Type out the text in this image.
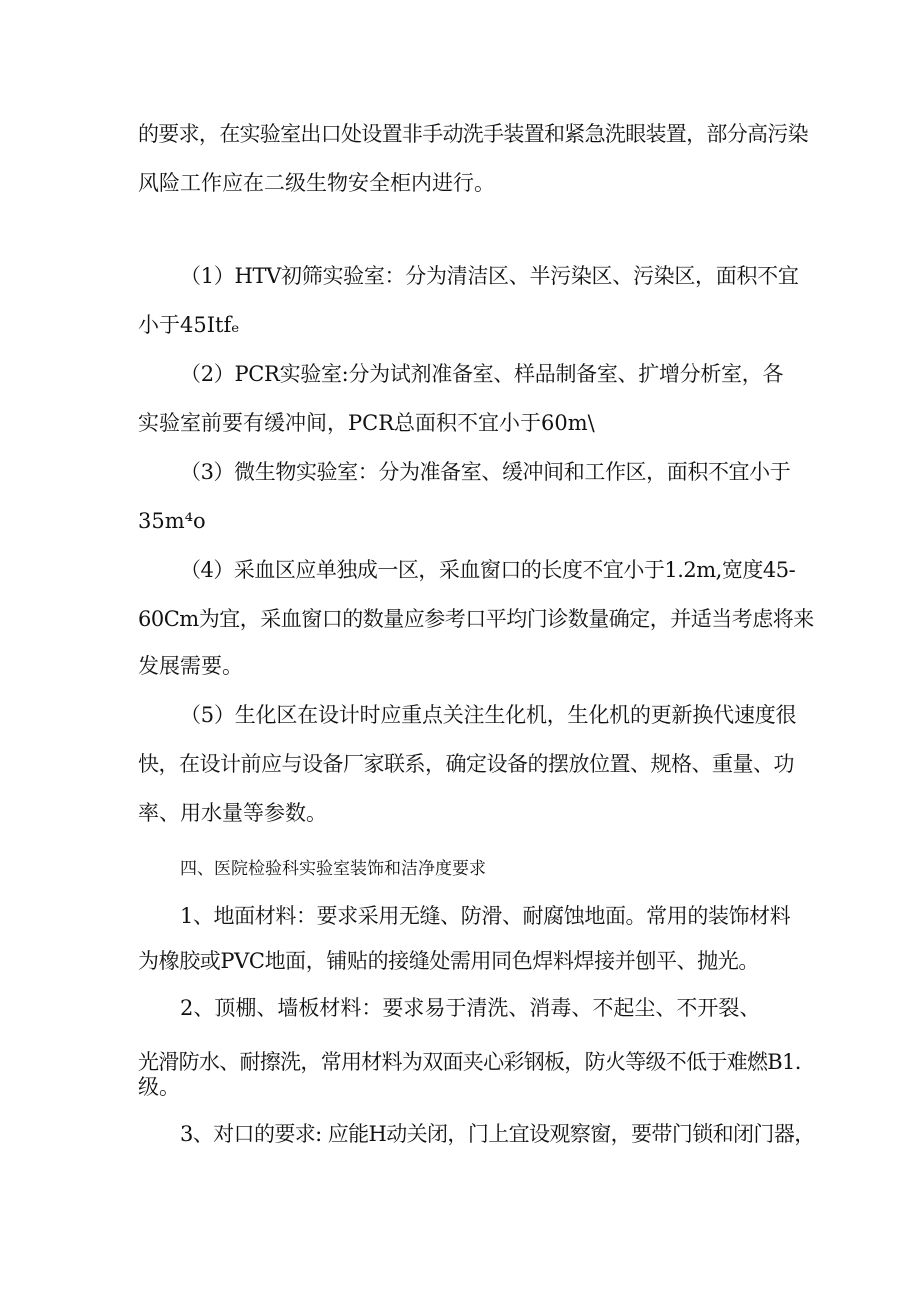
的要求，在实验室出口处设置非手动洗手装置和紧急洗眼装置，部分高污染

风险工作应在二级生物安全柜内进行。

（1）HTV初筛实验室：分为清洁区、半污染区、污染区，面积不宜

小于45Itfₑ

（2）PCR实验室:分为试剂准备室、样品制备室、扩增分析室，各

实验室前要有缓冲间，PCR总面积不宜小于60m\

（3）微生物实验室：分为准备室、缓冲间和工作区，面积不宜小于

35m⁴o

（4）采血区应单独成一区，采血窗口的长度不宜小于1.2m,宽度45-

60Cm为宜，采血窗口的数量应参考口平均门诊数量确定，并适当考虑将来

发展需要。

（5）生化区在设计时应重点关注生化机，生化机的更新换代速度很

快，在设计前应与设备厂家联系，确定设备的摆放位置、规格、重量、功

率、用水量等参数。

四、医院检验科实验室装饰和洁净度要求

1、地面材料：要求采用无缝、防滑、耐腐蚀地面。常用的装饰材料

为橡胶或PVC地面，铺贴的接缝处需用同色焊料焊接并刨平、抛光。

2、顶棚、墙板材料：要求易于清洗、消毒、不起尘、不开裂、

光滑防水、耐擦洗，常用材料为双面夹心彩钢板，防火等级不低于难燃B1.

级。

3、对口的要求: 应能H动关闭，门上宜设观察窗，要带门锁和闭门器，
